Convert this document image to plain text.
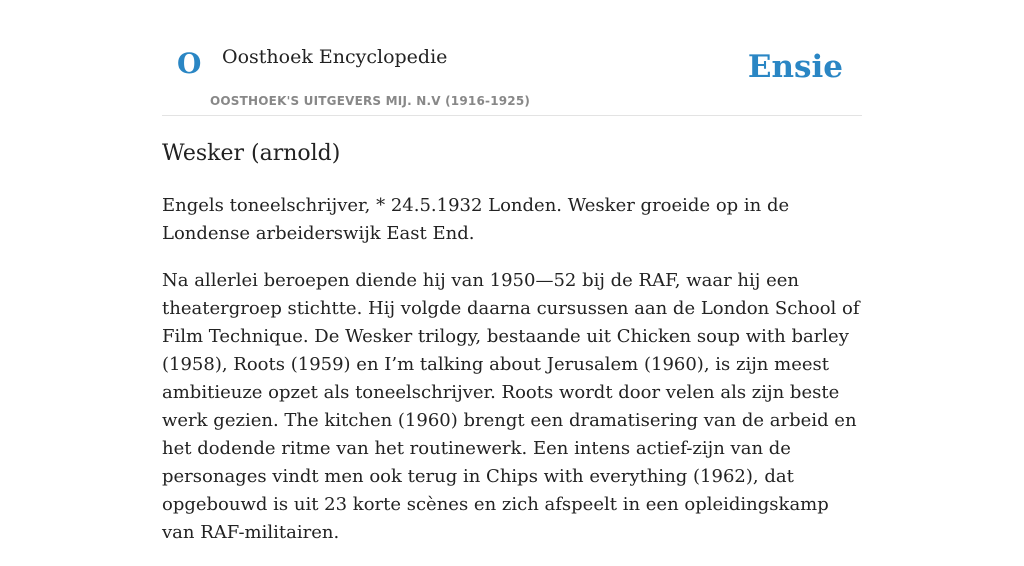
O Oosthoek Encyclopedie
OOSTHOEK'S UITGEVERS MIJ. N.V (1916-1925)
Ensie
Wesker (arnold)

Engels toneelschrijver, * 24.5.1932 Londen. Wesker groeide op in de Londense arbeiderswijk East End.

Na allerlei beroepen diende hij van 1950—52 bij de RAF, waar hij een theatergroep stichtte. Hij volgde daarna cursussen aan de London School of Film Technique. De Wesker trilogy, bestaande uit Chicken soup with barley (1958), Roots (1959) en I’m talking about Jerusalem (1960), is zijn meest ambitieuze opzet als toneelschrijver. Roots wordt door velen als zijn beste werk gezien. The kitchen (1960) brengt een dramatisering van de arbeid en het dodende ritme van het routinewerk. Een intens actief-zijn van de personages vindt men ook terug in Chips with everything (1962), dat opgebouwd is uit 23 korte scènes en zich afspeelt in een opleidingskamp van RAF-militairen.
